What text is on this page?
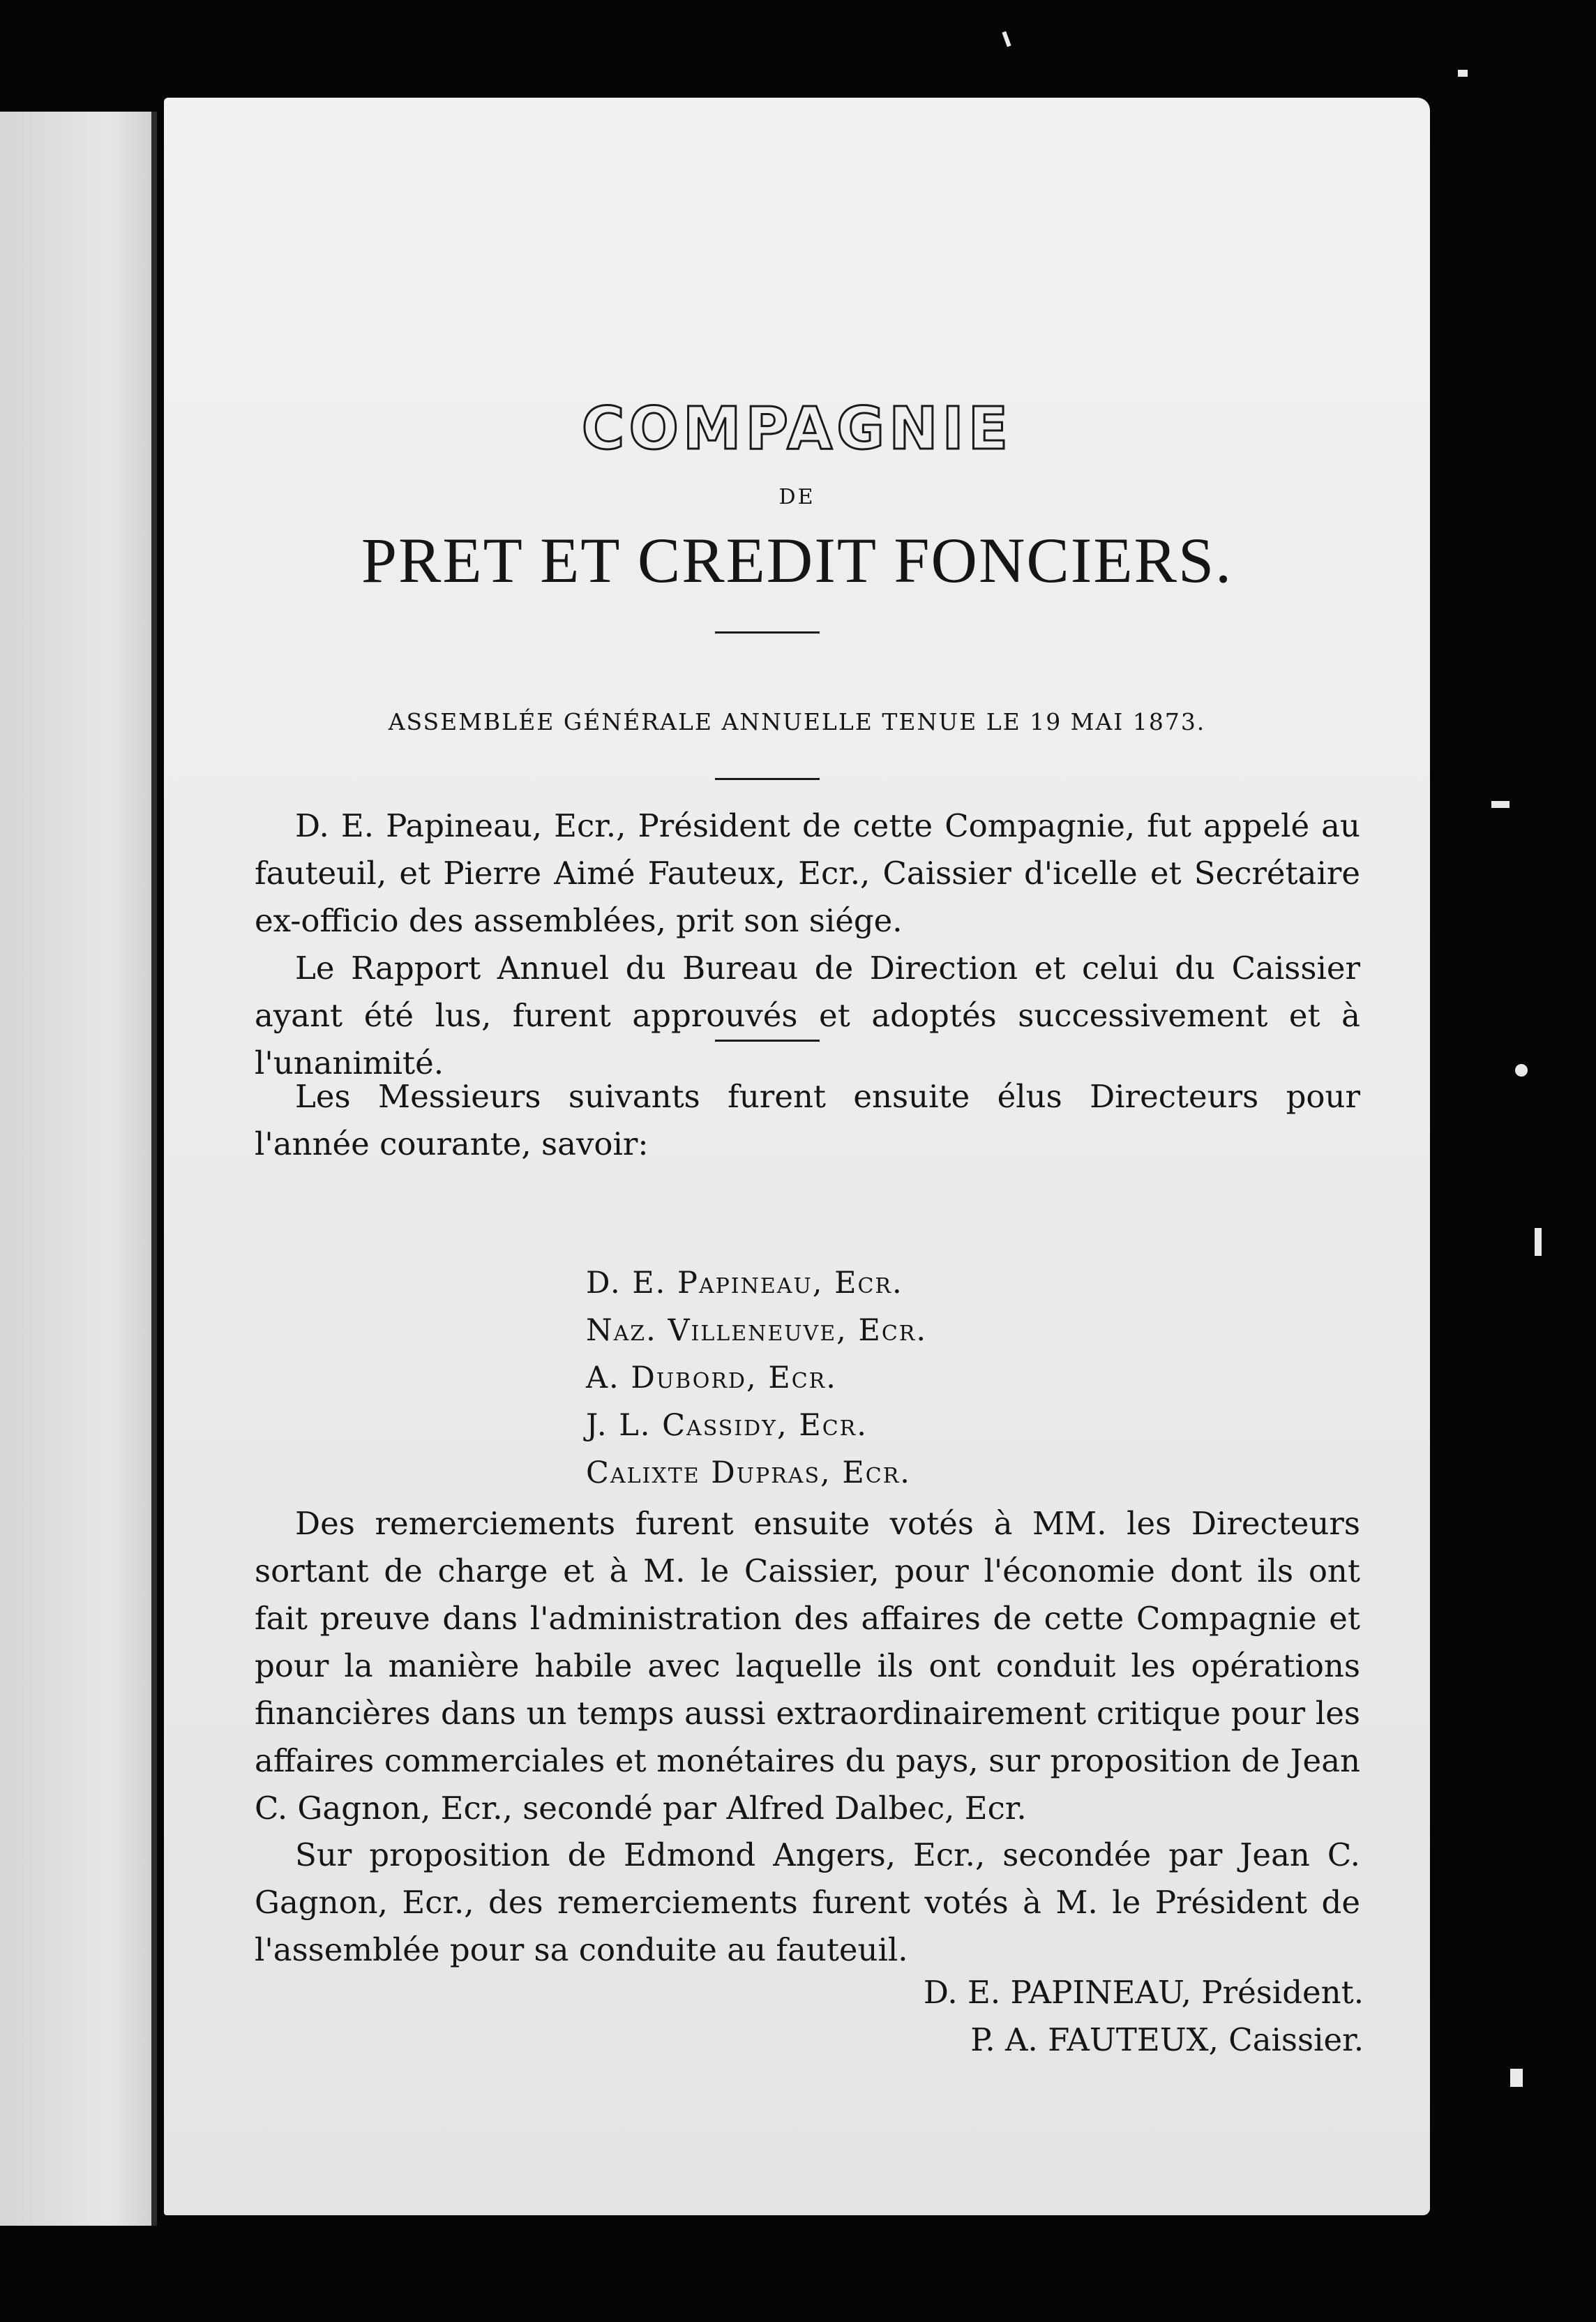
COMPAGNIE
DE
PRET ET CREDIT FONCIERS.
ASSEMBLÉE GÉNÉRALE ANNUELLE TENUE LE 19 MAI 1873.

D. E. Papineau, Ecr., Président de cette Compagnie, fut appelé au fauteuil, et Pierre Aimé Fauteux, Ecr., Caissier d'icelle et Secrétaire ex-officio des assemblées, prit son siége.

Le Rapport Annuel du Bureau de Direction et celui du Caissier ayant été lus, furent approuvés et adoptés successivement et à l'unanimité.

Les Messieurs suivants furent ensuite élus Directeurs pour l'année courante, savoir:

D. E. Papineau, Ecr.
Naz. Villeneuve, Ecr.
A. Dubord, Ecr.
J. L. Cassidy, Ecr.
Calixte Dupras, Ecr.

Des remerciements furent ensuite votés à MM. les Directeurs sortant de charge et à M. le Caissier, pour l'économie dont ils ont fait preuve dans l'administration des affaires de cette Compagnie et pour la manière habile avec laquelle ils ont conduit les opérations financières dans un temps aussi extraordinairement critique pour les affaires commerciales et monétaires du pays, sur proposition de Jean C. Gagnon, Ecr., secondé par Alfred Dalbec, Ecr.

Sur proposition de Edmond Angers, Ecr., secondée par Jean C. Gagnon, Ecr., des remerciements furent votés à M. le Président de l'assemblée pour sa conduite au fauteuil.

D. E. PAPINEAU, Président.
P. A. FAUTEUX, Caissier.
